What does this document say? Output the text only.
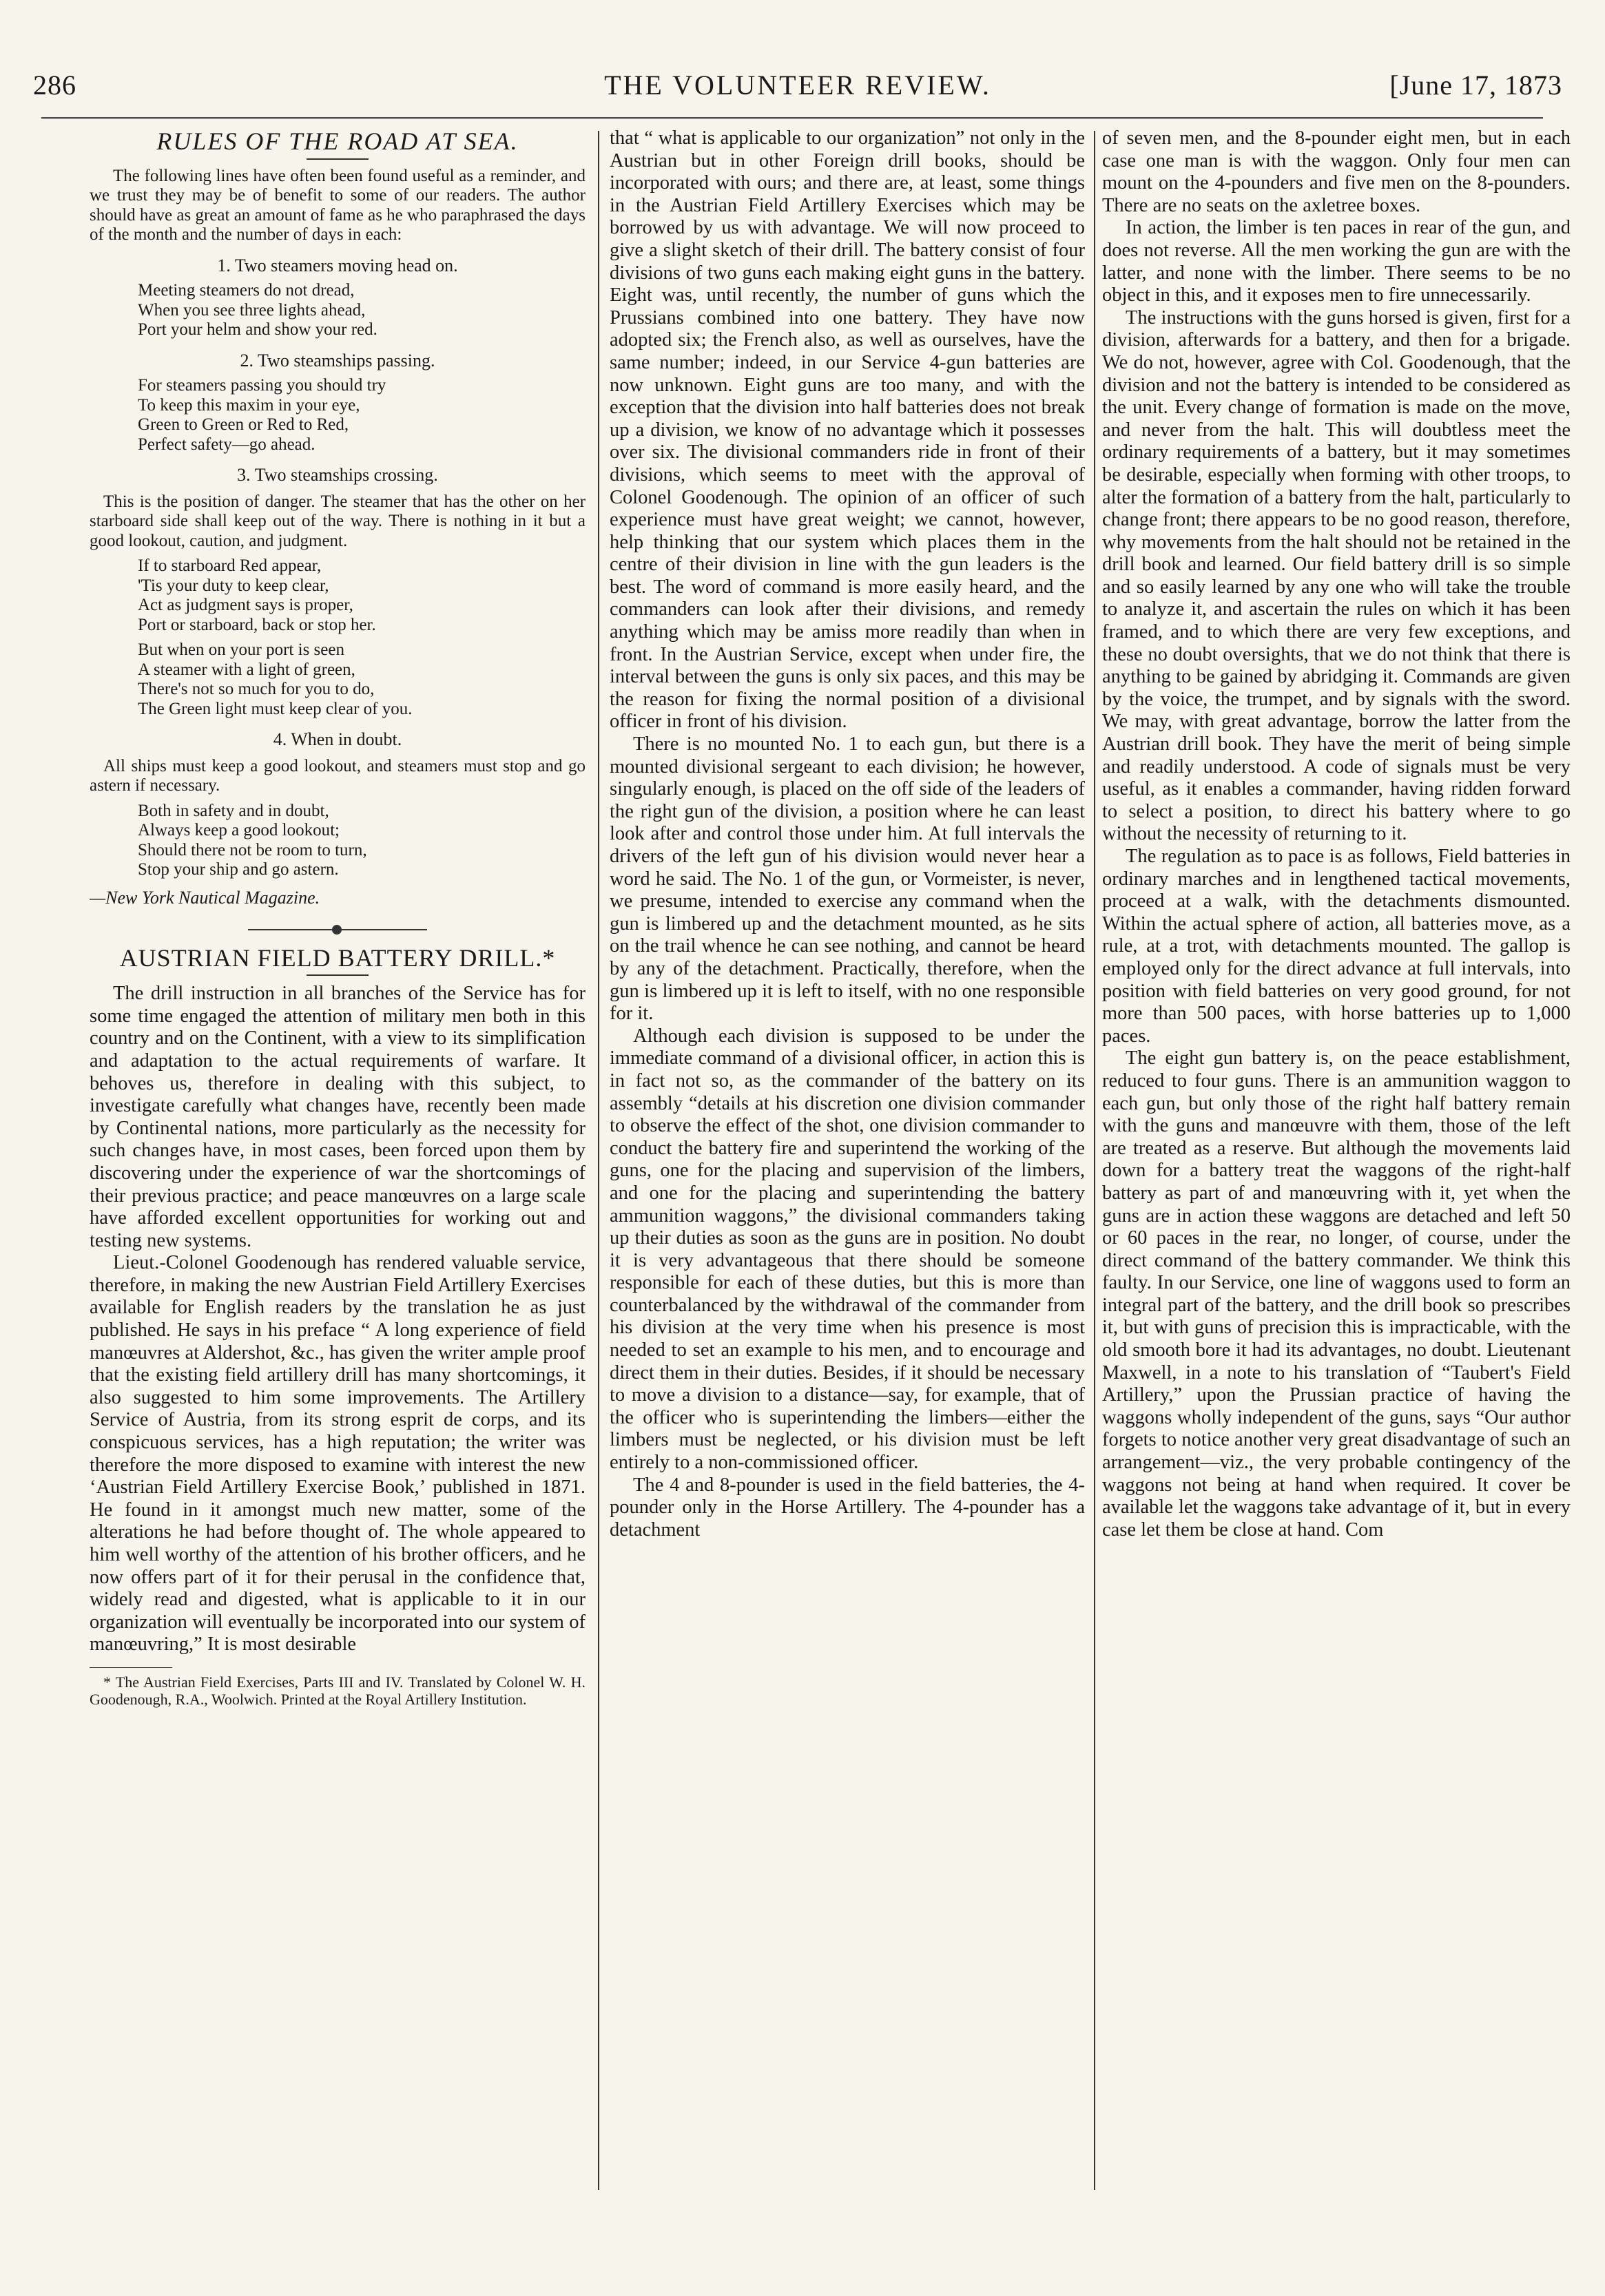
286	THE VOLUNTEER REVIEW.	[June 17, 1873
RULES OF THE ROAD AT SEA.

The following lines have often been found useful as a reminder, and we trust they may be of benefit to some of our readers. The author should have as great an amount of fame as he who paraphrased the days of the month and the number of days in each:

1. Two steamers moving head on.
Meeting steamers do not dread,
When you see three lights ahead,
Port your helm and show your red.
2. Two steamships passing.
For steamers passing you should try
To keep this maxim in your eye,
Green to Green or Red to Red,
Perfect safety—go ahead.
3. Two steamships crossing.

This is the position of danger. The steamer that has the other on her starboard side shall keep out of the way. There is nothing in it but a good lookout, caution, and judgment.

If to starboard Red appear,
'Tis your duty to keep clear,
Act as judgment says is proper,
Port or starboard, back or stop her.
But when on your port is seen
A steamer with a light of green,
There's not so much for you to do,
The Green light must keep clear of you.
4. When in doubt.

All ships must keep a good lookout, and steamers must stop and go astern if necessary.

Both in safety and in doubt,
Always keep a good lookout;
Should there not be room to turn,
Stop your ship and go astern.
—New York Nautical Magazine.
AUSTRIAN FIELD BATTERY DRILL.*

The drill instruction in all branches of the Service has for some time engaged the attention of military men both in this country and on the Continent, with a view to its simplification and adaptation to the actual requirements of warfare. It behoves us, therefore in dealing with this subject, to investigate carefully what changes have, recently been made by Continental nations, more particularly as the necessity for such changes have, in most cases, been forced upon them by discovering under the experience of war the shortcomings of their previous practice; and peace manœuvres on a large scale have afforded excellent opportunities for working out and testing new systems.

Lieut.-Colonel Goodenough has rendered valuable service, therefore, in making the new Austrian Field Artillery Exercises available for English readers by the translation he as just published. He says in his preface “ A long experience of field manœuvres at Aldershot, &c., has given the writer ample proof that the existing field artillery drill has many shortcomings, it also suggested to him some improvements. The Artillery Service of Austria, from its strong esprit de corps, and its conspicuous services, has a high reputation; the writer was therefore the more disposed to examine with interest the new ‘Austrian Field Artillery Exercise Book,’ published in 1871. He found in it amongst much new matter, some of the alterations he had before thought of. The whole appeared to him well worthy of the attention of his brother officers, and he now offers part of it for their perusal in the confidence that, widely read and digested, what is applicable to it in our organization will eventually be incorporated into our system of manœuvring,” It is most desirable

* The Austrian Field Exercises, Parts III and IV. Translated by Colonel W. H. Goodenough, R.A., Woolwich. Printed at the Royal Artillery Institution.

that “ what is applicable to our organization” not only in the Austrian but in other Foreign drill books, should be incorporated with ours; and there are, at least, some things in the Austrian Field Artillery Exercises which may be borrowed by us with advantage. We will now proceed to give a slight sketch of their drill. The battery consist of four divisions of two guns each making eight guns in the battery. Eight was, until recently, the number of guns which the Prussians combined into one battery. They have now adopted six; the French also, as well as ourselves, have the same number; indeed, in our Service 4-gun batteries are now unknown. Eight guns are too many, and with the exception that the division into half batteries does not break up a division, we know of no advantage which it possesses over six. The divisional commanders ride in front of their divisions, which seems to meet with the approval of Colonel Goodenough. The opinion of an officer of such experience must have great weight; we cannot, however, help thinking that our system which places them in the centre of their division in line with the gun leaders is the best. The word of command is more easily heard, and the commanders can look after their divisions, and remedy anything which may be amiss more readily than when in front. In the Austrian Service, except when under fire, the interval between the guns is only six paces, and this may be the reason for fixing the normal position of a divisional officer in front of his division.

There is no mounted No. 1 to each gun, but there is a mounted divisional sergeant to each division; he however, singularly enough, is placed on the off side of the leaders of the right gun of the division, a position where he can least look after and control those under him. At full intervals the drivers of the left gun of his division would never hear a word he said. The No. 1 of the gun, or Vormeister, is never, we presume, intended to exercise any command when the gun is limbered up and the detachment mounted, as he sits on the trail whence he can see nothing, and cannot be heard by any of the detachment. Practically, therefore, when the gun is limbered up it is left to itself, with no one responsible for it.

Although each division is supposed to be under the immediate command of a divisional officer, in action this is in fact not so, as the commander of the battery on its assembly “details at his discretion one division commander to observe the effect of the shot, one division commander to conduct the battery fire and superintend the working of the guns, one for the placing and supervision of the limbers, and one for the placing and superintending the battery ammunition waggons,” the divisional commanders taking up their duties as soon as the guns are in position. No doubt it is very advantageous that there should be someone responsible for each of these duties, but this is more than counterbalanced by the withdrawal of the commander from his division at the very time when his presence is most needed to set an example to his men, and to encourage and direct them in their duties. Besides, if it should be necessary to move a division to a distance—say, for example, that of the officer who is superintending the limbers—either the limbers must be neglected, or his division must be left entirely to a non-commissioned officer.

The 4 and 8-pounder is used in the field batteries, the 4-pounder only in the Horse Artillery. The 4-pounder has a detachment

of seven men, and the 8-pounder eight men, but in each case one man is with the waggon. Only four men can mount on the 4-pounders and five men on the 8-pounders. There are no seats on the axletree boxes.

In action, the limber is ten paces in rear of the gun, and does not reverse. All the men working the gun are with the latter, and none with the limber. There seems to be no object in this, and it exposes men to fire unnecessarily.

The instructions with the guns horsed is given, first for a division, afterwards for a battery, and then for a brigade. We do not, however, agree with Col. Goodenough, that the division and not the battery is intended to be considered as the unit. Every change of formation is made on the move, and never from the halt. This will doubtless meet the ordinary requirements of a battery, but it may sometimes be desirable, especially when forming with other troops, to alter the formation of a battery from the halt, particularly to change front; there appears to be no good reason, therefore, why movements from the halt should not be retained in the drill book and learned. Our field battery drill is so simple and so easily learned by any one who will take the trouble to analyze it, and ascertain the rules on which it has been framed, and to which there are very few exceptions, and these no doubt oversights, that we do not think that there is anything to be gained by abridging it. Commands are given by the voice, the trumpet, and by signals with the sword. We may, with great advantage, borrow the latter from the Austrian drill book. They have the merit of being simple and readily understood. A code of signals must be very useful, as it enables a commander, having ridden forward to select a position, to direct his battery where to go without the necessity of returning to it.

The regulation as to pace is as follows, Field batteries in ordinary marches and in lengthened tactical movements, proceed at a walk, with the detachments dismounted. Within the actual sphere of action, all batteries move, as a rule, at a trot, with detachments mounted. The gallop is employed only for the direct advance at full intervals, into position with field batteries on very good ground, for not more than 500 paces, with horse batteries up to 1,000 paces.

The eight gun battery is, on the peace establishment, reduced to four guns. There is an ammunition waggon to each gun, but only those of the right half battery remain with the guns and manœuvre with them, those of the left are treated as a reserve. But although the movements laid down for a battery treat the waggons of the right-half battery as part of and manœuvring with it, yet when the guns are in action these waggons are detached and left 50 or 60 paces in the rear, no longer, of course, under the direct command of the battery commander. We think this faulty. In our Service, one line of waggons used to form an integral part of the battery, and the drill book so prescribes it, but with guns of precision this is impracticable, with the old smooth bore it had its advantages, no doubt. Lieutenant Maxwell, in a note to his translation of “Taubert's Field Artillery,” upon the Prussian practice of having the waggons wholly independent of the guns, says “Our author forgets to notice another very great disadvantage of such an arrangement—viz., the very probable contingency of the waggons not being at hand when required. It cover be available let the waggons take advantage of it, but in every case let them be close at hand. Com
